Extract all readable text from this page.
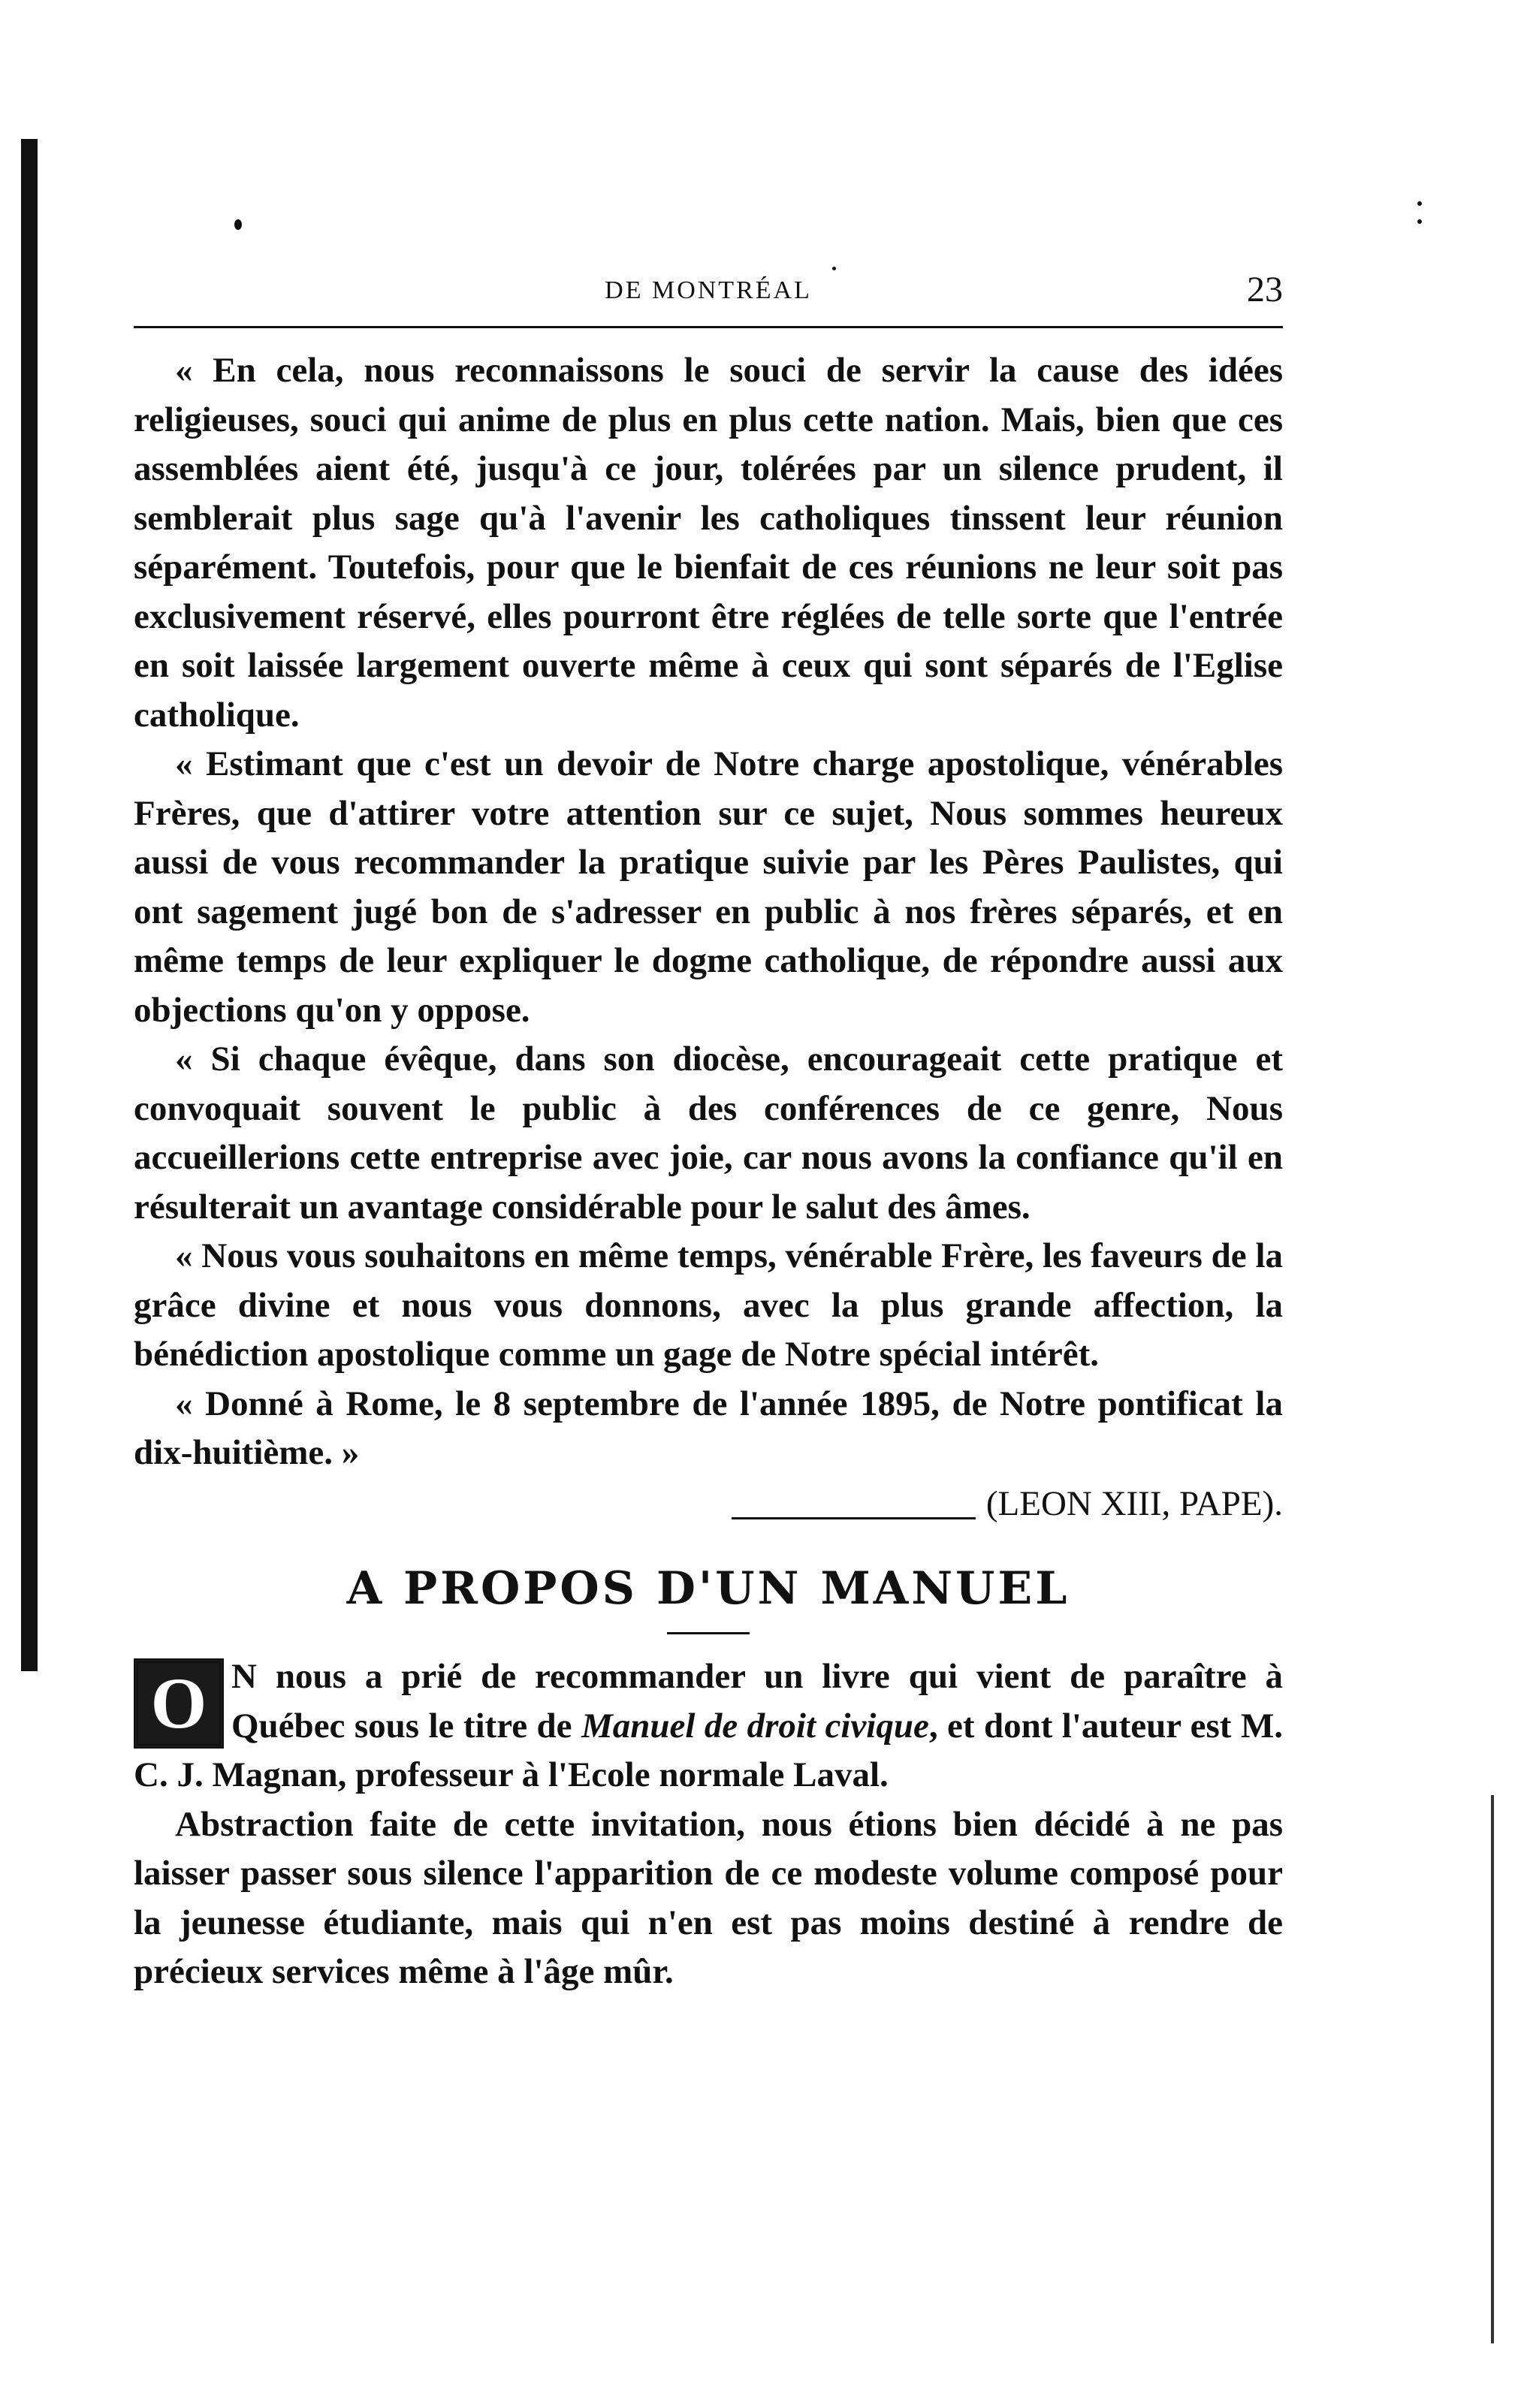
DE MONTRÉAL	23

« En cela, nous reconnaissons le souci de servir la cause des idées religieuses, souci qui anime de plus en plus cette nation. Mais, bien que ces assemblées aient été, jusqu'à ce jour, tolérées par un silence prudent, il semblerait plus sage qu'à l'avenir les catholiques tinssent leur réunion séparément. Toutefois, pour que le bienfait de ces réunions ne leur soit pas exclusivement réservé, elles pourront être réglées de telle sorte que l'entrée en soit laissée largement ouverte même à ceux qui sont séparés de l'Eglise catholique.

« Estimant que c'est un devoir de Notre charge apostolique, vénérables Frères, que d'attirer votre attention sur ce sujet, Nous sommes heureux aussi de vous recommander la pratique suivie par les Pères Paulistes, qui ont sagement jugé bon de s'adresser en public à nos frères séparés, et en même temps de leur expliquer le dogme catholique, de répondre aussi aux objections qu'on y oppose.

« Si chaque évêque, dans son diocèse, encourageait cette pratique et convoquait souvent le public à des conférences de ce genre, Nous accueillerions cette entreprise avec joie, car nous avons la confiance qu'il en résulterait un avantage considérable pour le salut des âmes.

« Nous vous souhaitons en même temps, vénérable Frère, les faveurs de la grâce divine et nous vous donnons, avec la plus grande affection, la bénédiction apostolique comme un gage de Notre spécial intérêt.

« Donné à Rome, le 8 septembre de l'année 1895, de Notre pontificat la dix-huitième. »

(LEON XIII, PAPE).
A PROPOS D'UN MANUEL

O N nous a prié de recommander un livre qui vient de paraître à Québec sous le titre de Manuel de droit civique, et dont l'auteur est M. C. J. Magnan, professeur à l'Ecole normale Laval.

Abstraction faite de cette invitation, nous étions bien décidé à ne pas laisser passer sous silence l'apparition de ce modeste volume composé pour la jeunesse étudiante, mais qui n'en est pas moins destiné à rendre de précieux services même à l'âge mûr.
